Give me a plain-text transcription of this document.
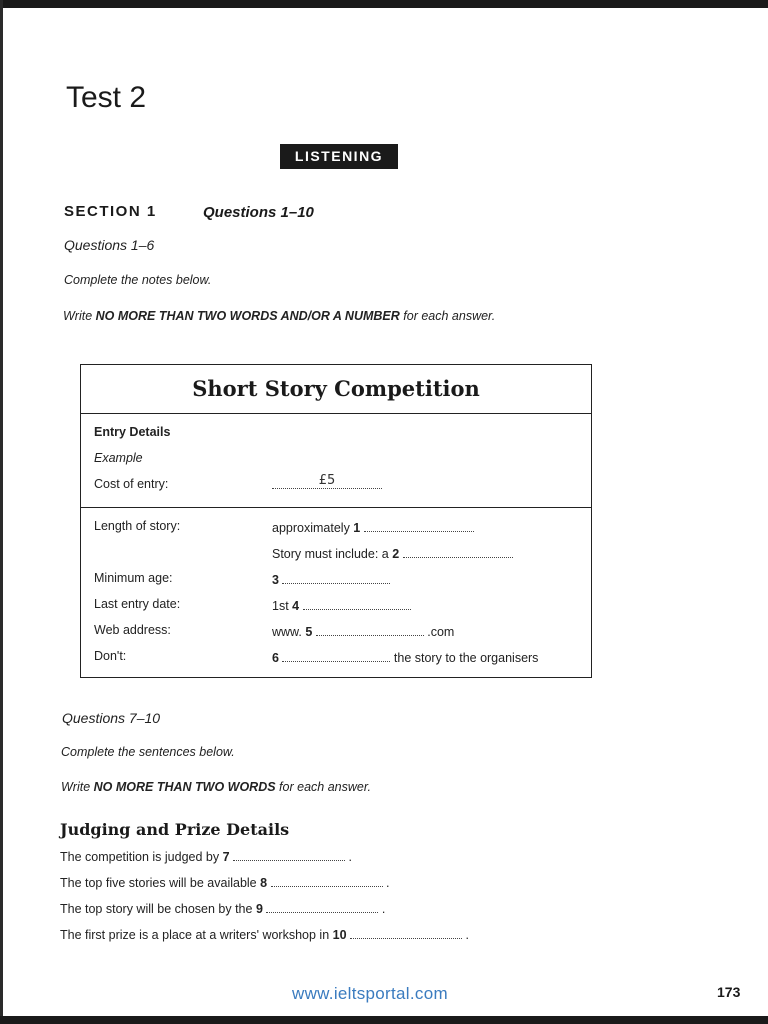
Test 2
LISTENING
SECTION 1	Questions 1–10
Questions 1–6
Complete the notes below.
Write NO MORE THAN TWO WORDS AND/OR A NUMBER for each answer.
Short Story Competition
Entry Details
Example
Cost of entry:	£5
Length of story:	approximately 1
Story must include: a 2
Minimum age:	3
Last entry date:	1st 4
Web address:	www. 5	.com
Don't:	6	the story to the organisers
Questions 7–10
Complete the sentences below.
Write NO MORE THAN TWO WORDS for each answer.
Judging and Prize Details
The competition is judged by 7	.
The top five stories will be available 8	.
The top story will be chosen by the 9	.
The first prize is a place at a writers' workshop in 10	.
www.ieltsportal.com	173
